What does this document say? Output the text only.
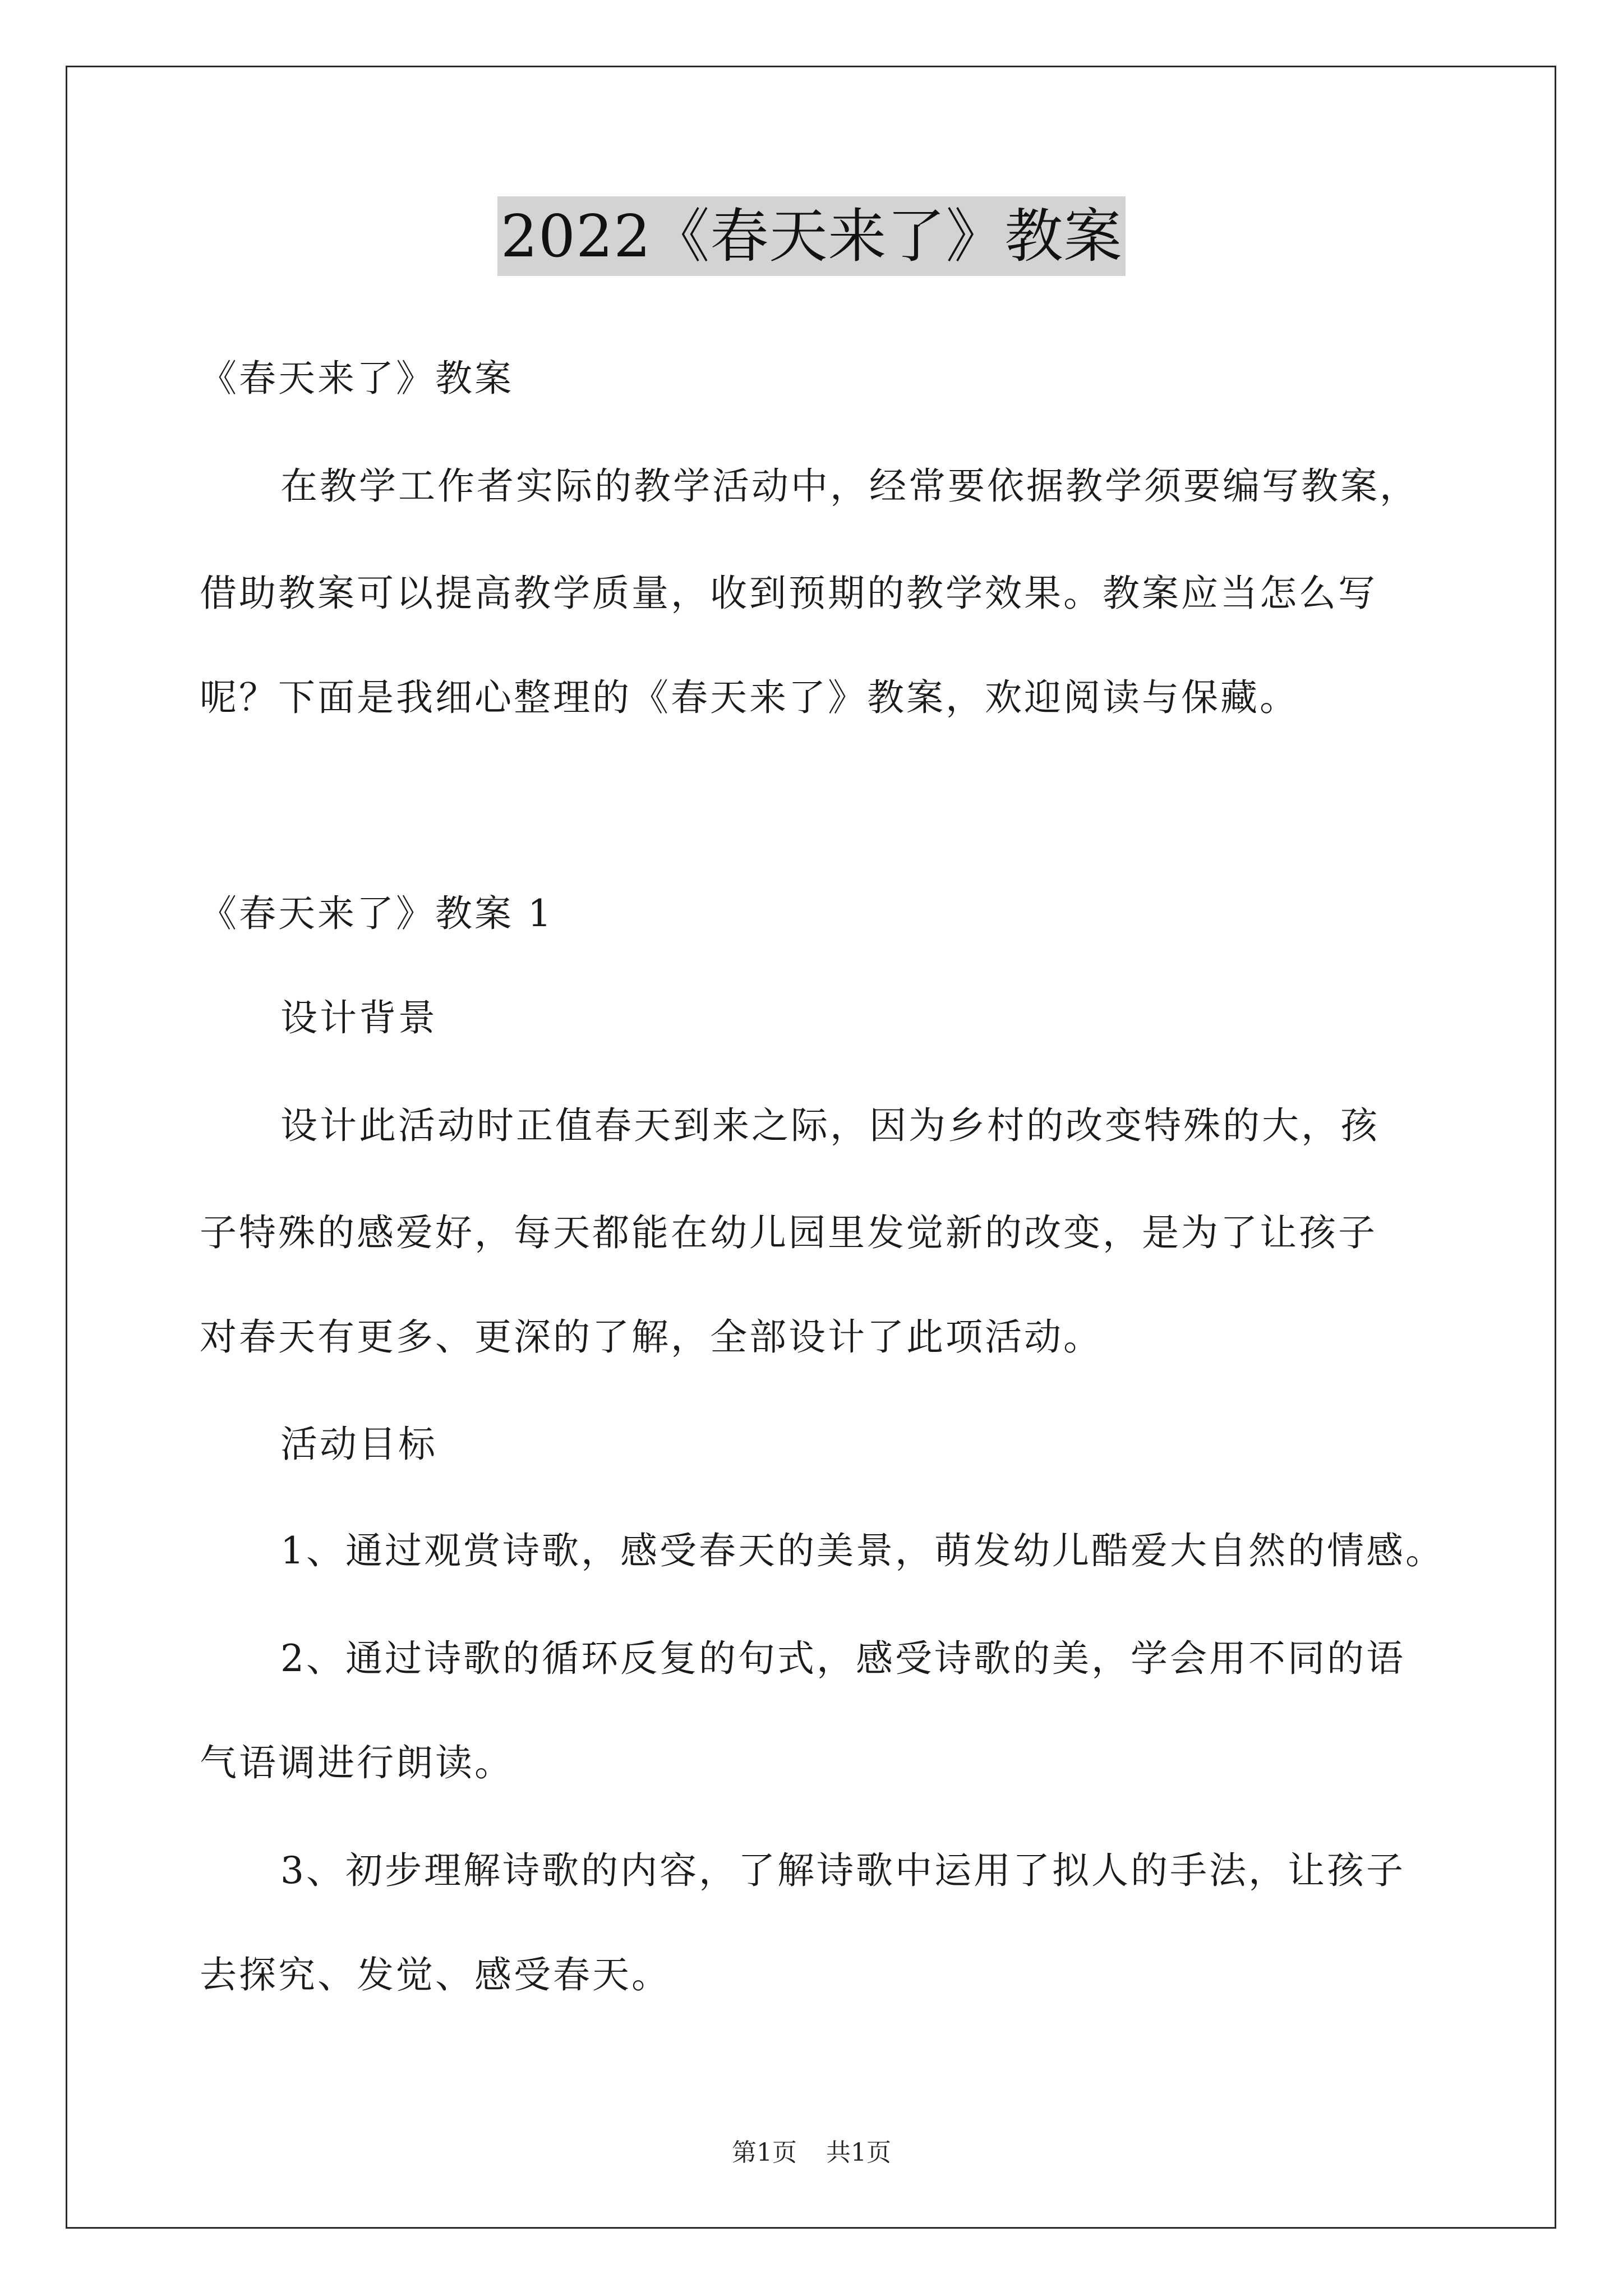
2022《春天来了》教案
《春天来了》教案
在教学工作者实际的教学活动中，经常要依据教学须要编写教案，
借助教案可以提高教学质量，收到预期的教学效果。教案应当怎么写
呢？下面是我细心整理的《春天来了》教案，欢迎阅读与保藏。
《春天来了》教案 1
设计背景
设计此活动时正值春天到来之际，因为乡村的改变特殊的大，孩
子特殊的感爱好，每天都能在幼儿园里发觉新的改变，是为了让孩子
对春天有更多、更深的了解，全部设计了此项活动。
活动目标
1、通过观赏诗歌，感受春天的美景，萌发幼儿酷爱大自然的情感。
2、通过诗歌的循环反复的句式，感受诗歌的美，学会用不同的语
气语调进行朗读。
3、初步理解诗歌的内容，了解诗歌中运用了拟人的手法，让孩子
去探究、发觉、感受春天。
第1页 共1页
